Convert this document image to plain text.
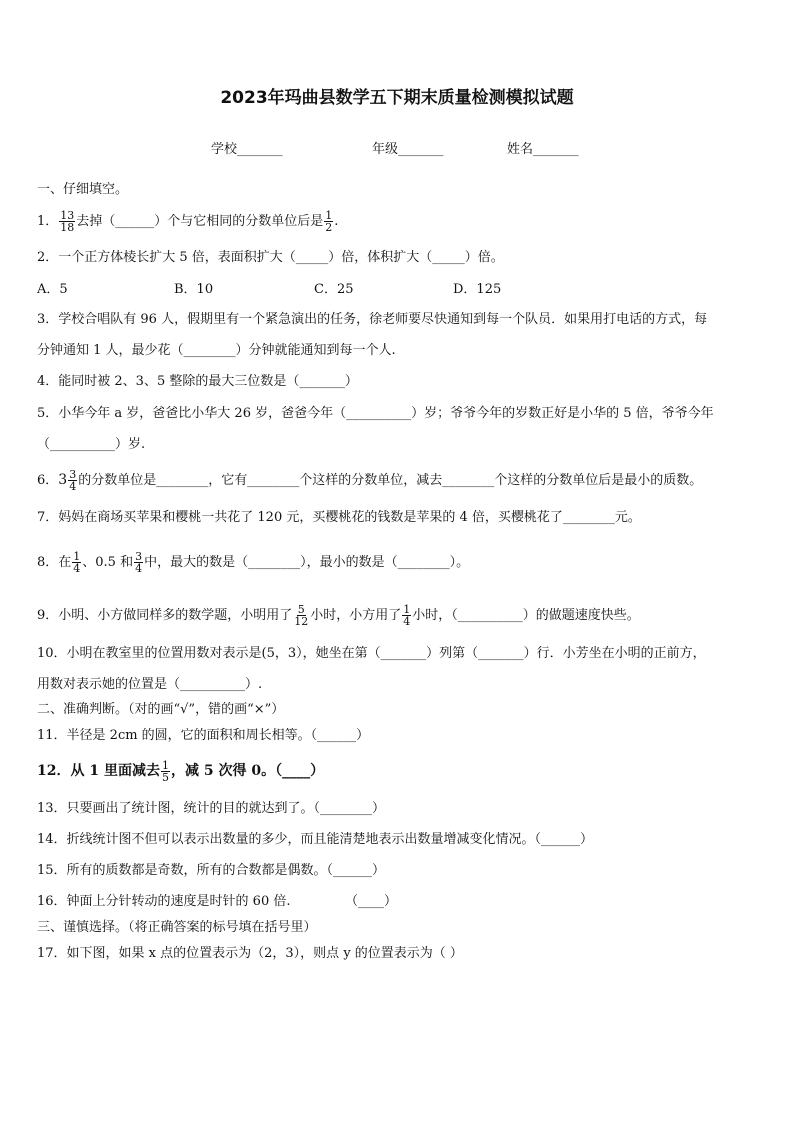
2023年玛曲县数学五下期末质量检测模拟试题
学校_______	年级_______	姓名_______
一、仔细填空。
1． $\frac{13}{18}$ 去掉（______）个与它相同的分数单位后是 $\frac{1}{2}$ .
2．一个正方体棱长扩大 5 倍，表面积扩大（_____）倍，体积扩大（_____）倍。
A．5	B．10	C．25	D．125
3．学校合唱队有 96 人，假期里有一个紧急演出的任务，徐老师要尽快通知到每一个队员．如果用打电话的方式，每
分钟通知 1 人，最少花（________）分钟就能通知到每一个人.
4．能同时被 2、3、5 整除的最大三位数是（_______）
5．小华今年 a 岁，爸爸比小华大 26 岁，爸爸今年（__________）岁；爷爷今年的岁数正好是小华的 5 倍，爷爷今年
（__________）岁.
6．$3 \frac{3}{4}$ 的分数单位是________，它有________个这样的分数单位，减去________个这样的分数单位后是最小的质数。
7．妈妈在商场买苹果和樱桃一共花了 120 元，买樱桃花的钱数是苹果的 4 倍，买樱桃花了________元。
8．在 $\frac{1}{4}$ 、0.5 和 $\frac{3}{4}$ 中，最大的数是（________），最小的数是（________）。
9．小明、小方做同样多的数学题，小明用了 $\frac{5}{12}$ 小时，小方用了 $\frac{1}{4}$ 小时，（__________）的做题速度快些。
10．小明在教室里的位置用数对表示是(5，3），她坐在第（_______）列第（_______）行．小芳坐在小明的正前方，
用数对表示她的位置是（__________）.
二、准确判断。（对的画“√”，错的画“×”）
11．半径是 2cm 的圆，它的面积和周长相等。（______）
12．从 1 里面减去 $\frac{1}{5}$ ，减 5 次得 0。（____）
13．只要画出了统计图，统计的目的就达到了。（________）
14．折线统计图不但可以表示出数量的多少，而且能清楚地表示出数量增减变化情况。（______）
15．所有的质数都是奇数，所有的合数都是偶数。（______）
16．钟面上分针转动的速度是时针的 60 倍.	（____）
三、谨慎选择。（将正确答案的标号填在括号里）
17．如下图，如果 x 点的位置表示为（2，3），则点 y 的位置表示为（ ）
